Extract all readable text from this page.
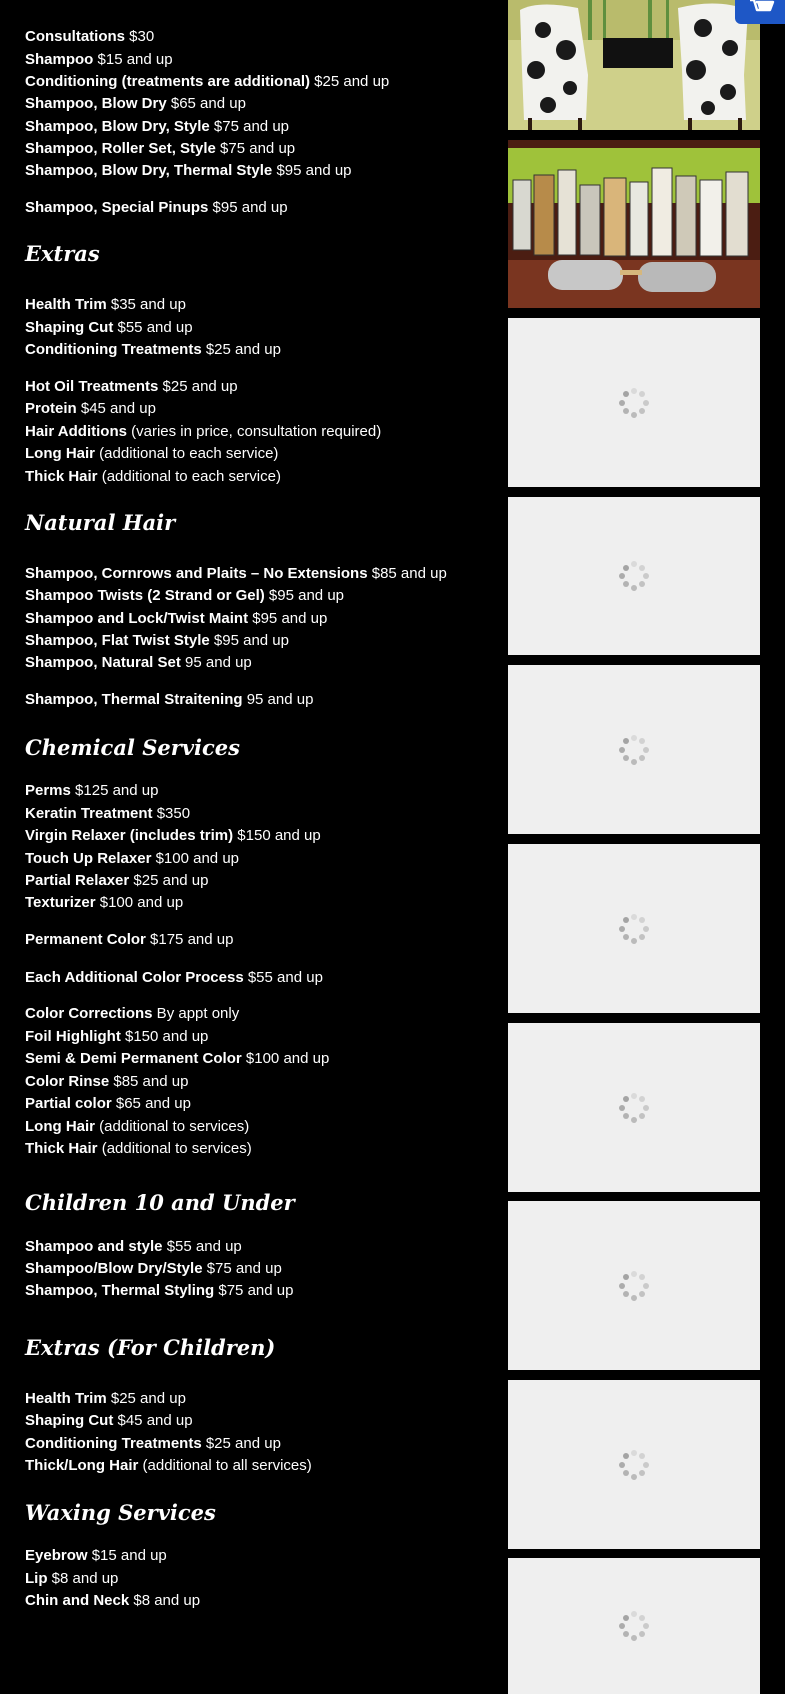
Consultations $30
Shampoo $15 and up
Conditioning (treatments are additional) $25 and up
Shampoo, Blow Dry $65 and up
Shampoo, Blow Dry, Style $75 and up
Shampoo, Roller Set, Style $75 and up
Shampoo, Blow Dry, Thermal Style $95 and up
Shampoo, Special Pinups $95 and up
Extras
Health Trim $35 and up
Shaping Cut $55 and up
Conditioning Treatments $25 and up
Hot Oil Treatments $25 and up
Protein $45 and up
Hair Additions (varies in price, consultation required)
Long Hair (additional to each service)
Thick Hair (additional to each service)
Natural Hair
Shampoo, Cornrows and Plaits – No Extensions $85 and up
Shampoo Twists (2 Strand or Gel) $95 and up
Shampoo and Lock/Twist Maint $95 and up
Shampoo, Flat Twist Style $95 and up
Shampoo, Natural Set 95 and up
Shampoo, Thermal Straitening 95 and up
Chemical Services
Perms $125 and up
Keratin Treatment $350
Virgin Relaxer (includes trim) $150 and up
Touch Up Relaxer $100 and up
Partial Relaxer $25 and up
Texturizer $100 and up
Permanent Color $175 and up
Each Additional Color Process $55 and up
Color Corrections By appt only
Foil Highlight $150 and up
Semi & Demi Permanent Color $100 and up
Color Rinse $85 and up
Partial color $65 and up
Long Hair (additional to services)
Thick Hair (additional to services)
Children 10 and Under
Shampoo and style $55 and up
Shampoo/Blow Dry/Style $75 and up
Shampoo, Thermal Styling $75 and up
Extras (For Children)
Health Trim $25 and up
Shaping Cut $45 and up
Conditioning Treatments $25 and up
Thick/Long Hair (additional to all services)
Waxing Services
Eyebrow $15 and up
Lip $8 and up
Chin and Neck $8 and up
